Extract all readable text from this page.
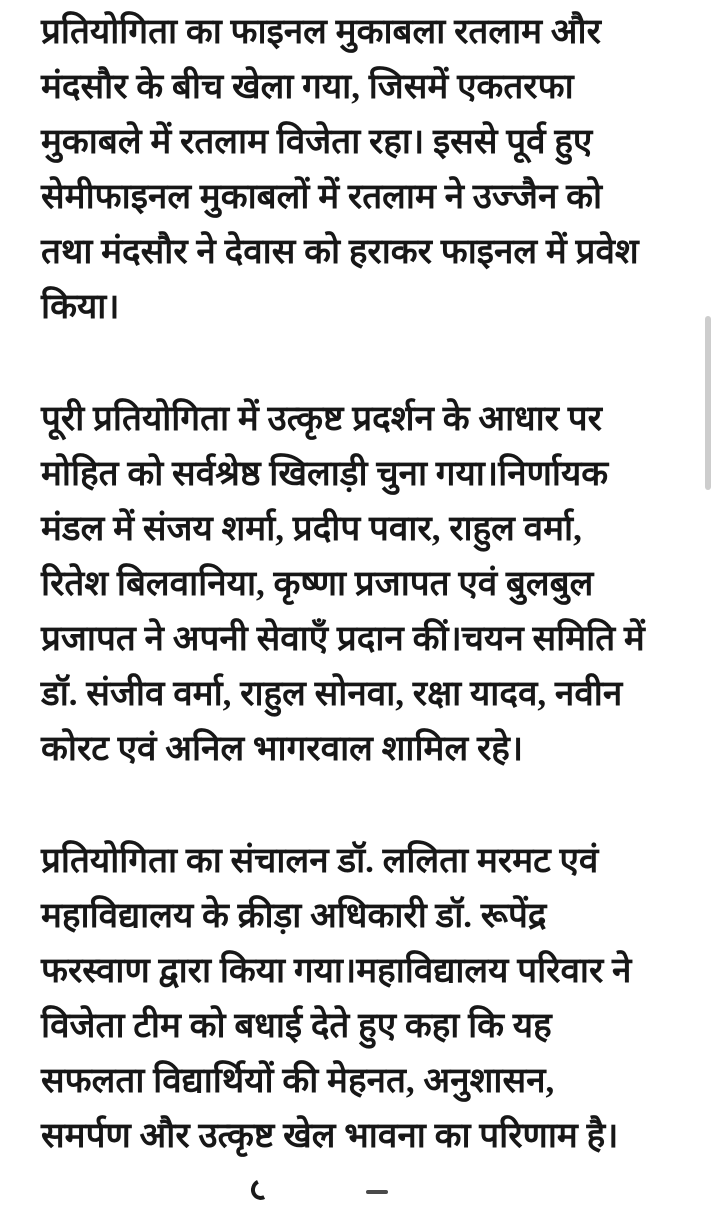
प्रतियोगिता का फाइनल मुकाबला रतलाम और
मंदसौर के बीच खेला गया, जिसमें एकतरफा
मुकाबले में रतलाम विजेता रहा। इससे पूर्व हुए
सेमीफाइनल मुकाबलों में रतलाम ने उज्जैन को
तथा मंदसौर ने देवास को हराकर फाइनल में प्रवेश
किया।

पूरी प्रतियोगिता में उत्कृष्ट प्रदर्शन के आधार पर
मोहित को सर्वश्रेष्ठ खिलाड़ी चुना गया।निर्णायक
मंडल में संजय शर्मा, प्रदीप पवार, राहुल वर्मा,
रितेश बिलवानिया, कृष्णा प्रजापत एवं बुलबुल
प्रजापत ने अपनी सेवाएँ प्रदान कीं।चयन समिति में
डॉ. संजीव वर्मा, राहुल सोनवा, रक्षा यादव, नवीन
कोरट एवं अनिल भागरवाल शामिल रहे।

प्रतियोगिता का संचालन डॉ. ललिता मरमट एवं
महाविद्यालय के क्रीड़ा अधिकारी डॉ. रूपेंद्र
फरस्वाण द्वारा किया गया।महाविद्यालय परिवार ने
विजेता टीम को बधाई देते हुए कहा कि यह
सफलता विद्यार्थियों की मेहनत, अनुशासन,
समर्पण और उत्कृष्ट खेल भावना का परिणाम है।
